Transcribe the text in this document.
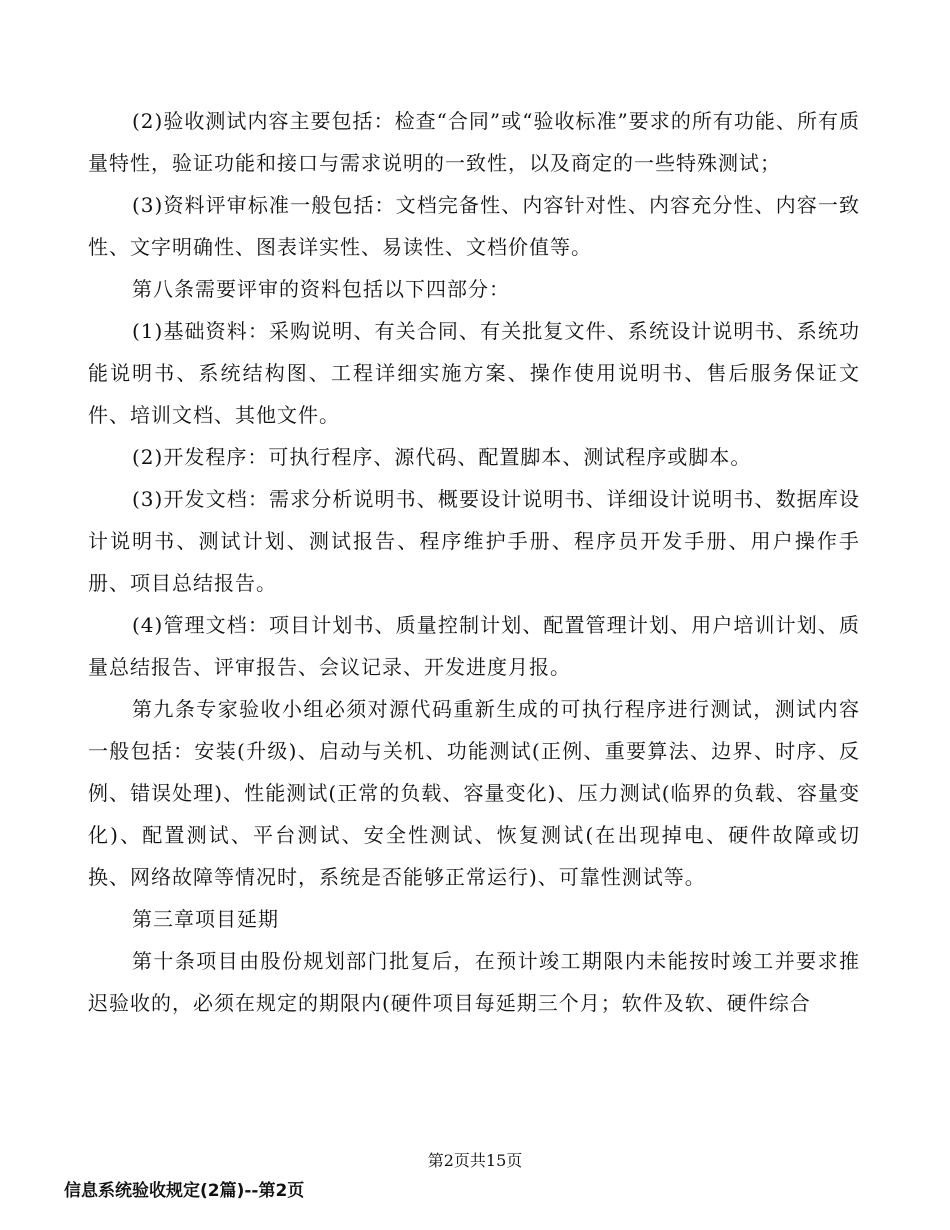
(2)验收测试内容主要包括：检查“合同”或“验收标准”要求的所有功能、所有质量特性，验证功能和接口与需求说明的一致性，以及商定的一些特殊测试；

(3)资料评审标准一般包括：文档完备性、内容针对性、内容充分性、内容一致性、文字明确性、图表详实性、易读性、文档价值等。

第八条需要评审的资料包括以下四部分：

(1)基础资料：采购说明、有关合同、有关批复文件、系统设计说明书、系统功能说明书、系统结构图、工程详细实施方案、操作使用说明书、售后服务保证文件、培训文档、其他文件。

(2)开发程序：可执行程序、源代码、配置脚本、测试程序或脚本。

(3)开发文档：需求分析说明书、概要设计说明书、详细设计说明书、数据库设计说明书、测试计划、测试报告、程序维护手册、程序员开发手册、用户操作手册、项目总结报告。

(4)管理文档：项目计划书、质量控制计划、配置管理计划、用户培训计划、质量总结报告、评审报告、会议记录、开发进度月报。

第九条专家验收小组必须对源代码重新生成的可执行程序进行测试，测试内容一般包括：安装(升级)、启动与关机、功能测试(正例、重要算法、边界、时序、反例、错误处理)、性能测试(正常的负载、容量变化)、压力测试(临界的负载、容量变化)、配置测试、平台测试、安全性测试、恢复测试(在出现掉电、硬件故障或切换、网络故障等情况时，系统是否能够正常运行)、可靠性测试等。

第三章项目延期

第十条项目由股份规划部门批复后，在预计竣工期限内未能按时竣工并要求推迟验收的，必须在规定的期限内(硬件项目每延期三个月；软件及软、硬件综合

第2页共15页
信息系统验收规定(2篇)--第2页
